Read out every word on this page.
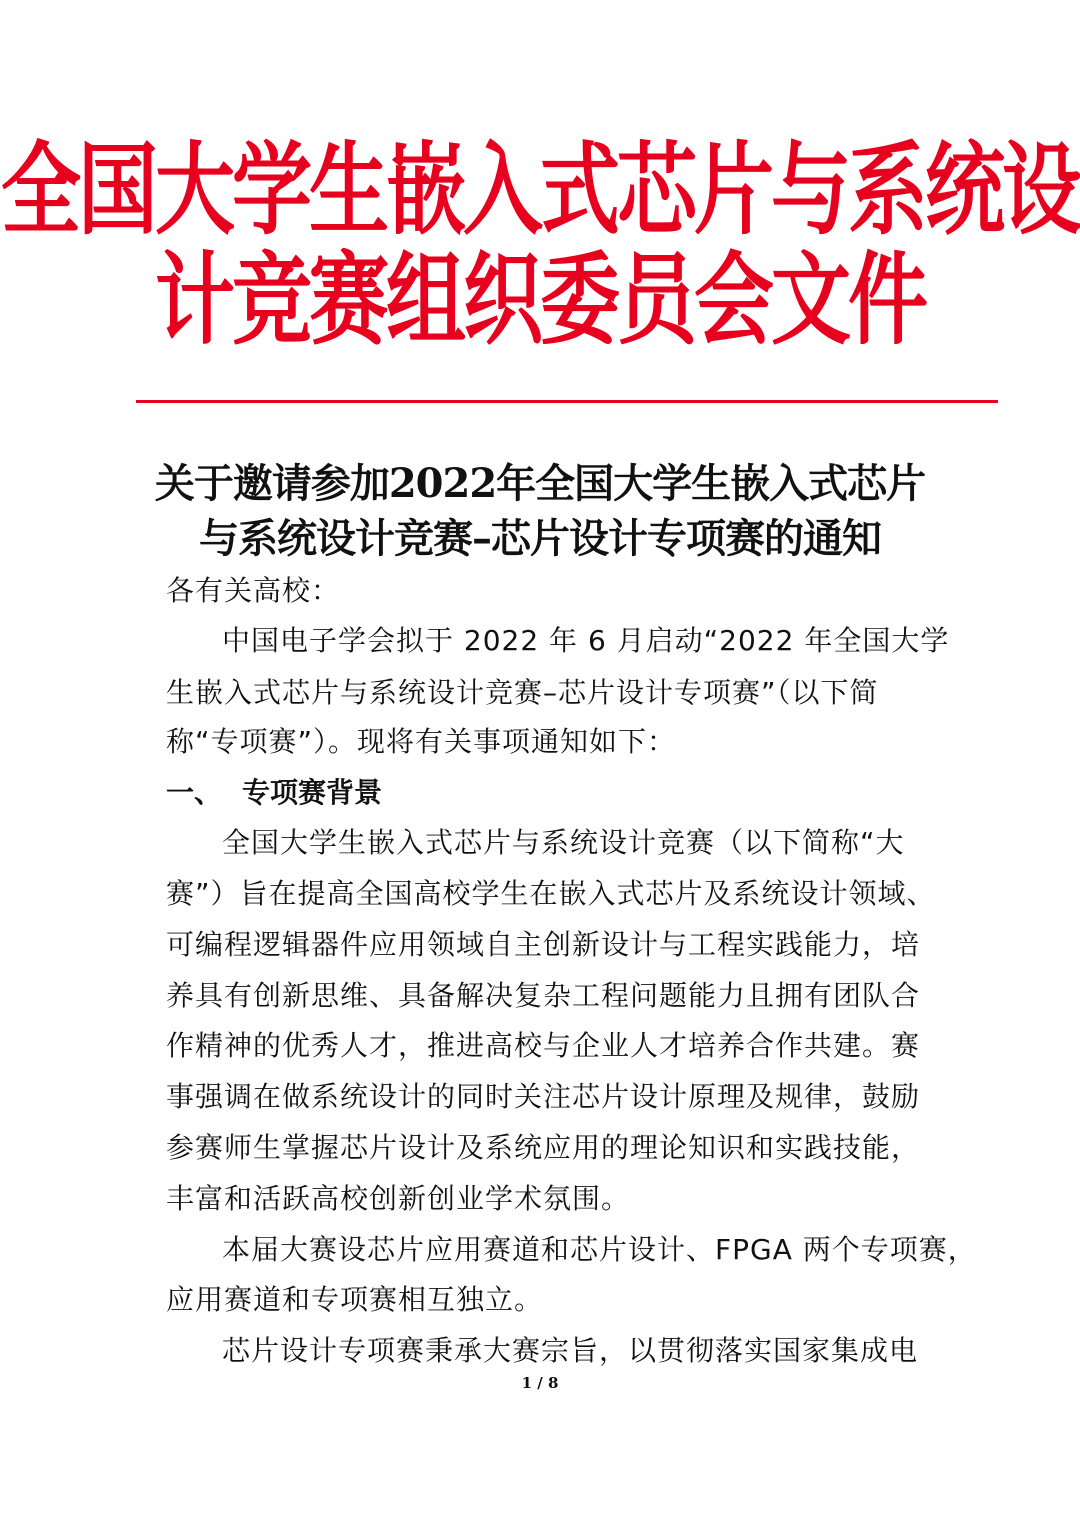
全国大学生嵌入式芯片与系统设
计竞赛组织委员会文件
关于邀请参加2022年全国大学生嵌入式芯片
与系统设计竞赛–芯片设计专项赛的通知
各有关高校：
中国电子学会拟于 2022 年 6 月启动“2022 年全国大学
生嵌入式芯片与系统设计竞赛–芯片设计专项赛”（以下简
称“专项赛”）。现将有关事项通知如下：
一、 专项赛背景
全国大学生嵌入式芯片与系统设计竞赛（以下简称“大
赛”）旨在提高全国高校学生在嵌入式芯片及系统设计领域、
可编程逻辑器件应用领域自主创新设计与工程实践能力，培
养具有创新思维、具备解决复杂工程问题能力且拥有团队合
作精神的优秀人才，推进高校与企业人才培养合作共建。赛
事强调在做系统设计的同时关注芯片设计原理及规律，鼓励
参赛师生掌握芯片设计及系统应用的理论知识和实践技能，
丰富和活跃高校创新创业学术氛围。
本届大赛设芯片应用赛道和芯片设计、FPGA 两个专项赛，
应用赛道和专项赛相互独立。
芯片设计专项赛秉承大赛宗旨，以贯彻落实国家集成电
1 / 8
